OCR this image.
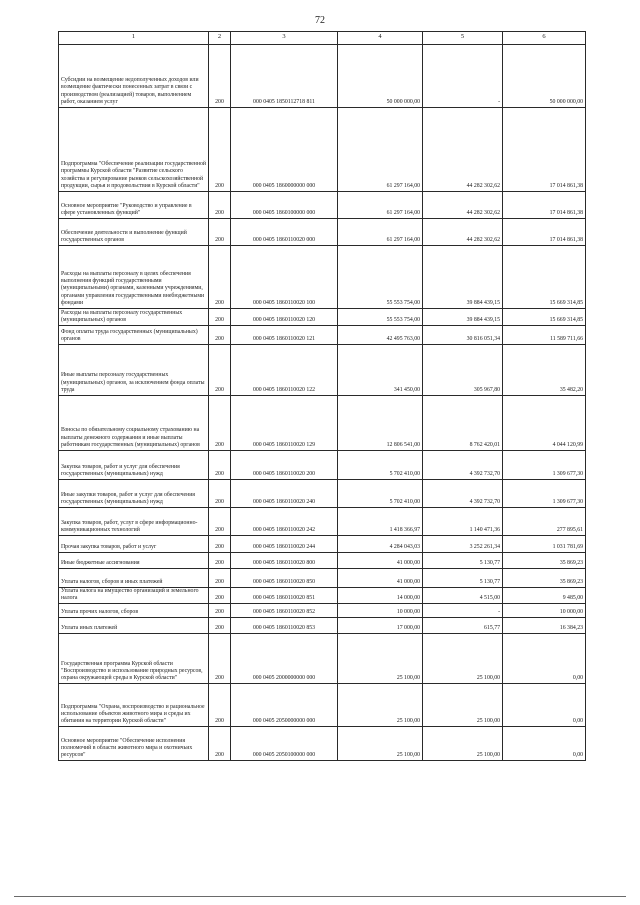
72
1	2	3	4	5	6
Субсидии на возмещение недополученных доходов или возмещение фактически понесенных затрат в связи с производством (реализацией) товаров, выполнением работ, оказанием услуг	200	000 0405 1850112718 811	50 000 000,00	-	50 000 000,00
Подпрограмма "Обеспечение реализации государственной программы Курской области "Развитие сельского хозяйства и регулирование рынков сельскохозяйственной продукции, сырья и продовольствия в Курской области"	200	000 0405 1860000000 000	61 297 164,00	44 282 302,62	17 014 861,38
Основное мероприятие "Руководство и управление в сфере установленных функций"	200	000 0405 1860100000 000	61 297 164,00	44 282 302,62	17 014 861,38
Обеспечение деятельности и выполнение функций государственных органов	200	000 0405 1860110020 000	61 297 164,00	44 282 302,62	17 014 861,38
Расходы на выплаты персоналу в целях обеспечения выполнения функций государственными (муниципальными) органами, казенными учреждениями, органами управления государственными внебюджетными фондами	200	000 0405 1860110020 100	55 553 754,00	39 884 439,15	15 669 314,85
Расходы на выплаты персоналу государственных (муниципальных) органов	200	000 0405 1860110020 120	55 553 754,00	39 884 439,15	15 669 314,85
Фонд оплаты труда государственных (муниципальных) органов	200	000 0405 1860110020 121	42 495 763,00	30 816 051,34	11 589 711,66
Иные выплаты персоналу государственных (муниципальных) органов, за исключением фонда оплаты труда	200	000 0405 1860110020 122	341 450,00	305 967,80	35 482,20
Взносы по обязательному социальному страхованию на выплаты денежного содержания и иные выплаты работникам государственных (муниципальных) органов	200	000 0405 1860110020 129	12 806 541,00	8 762 420,01	4 044 120,99
Закупка товаров, работ и услуг для обеспечения государственных (муниципальных) нужд	200	000 0405 1860110020 200	5 702 410,00	4 392 732,70	1 309 677,30
Иные закупки товаров, работ и услуг для обеспечения государственных (муниципальных) нужд	200	000 0405 1860110020 240	5 702 410,00	4 392 732,70	1 309 677,30
Закупка товаров, работ, услуг в сфере информационно-коммуникационных технологий	200	000 0405 1860110020 242	1 418 366,97	1 140 471,36	277 895,61
Прочая закупка товаров, работ и услуг	200	000 0405 1860110020 244	4 284 043,03	3 252 261,34	1 031 781,69
Иные бюджетные ассигнования	200	000 0405 1860110020 800	41 000,00	5 130,77	35 869,23
Уплата налогов, сборов и иных платежей	200	000 0405 1860110020 850	41 000,00	5 130,77	35 869,23
Уплата налога на имущество организаций и земельного налога	200	000 0405 1860110020 851	14 000,00	4 515,00	9 485,00
Уплата прочих налогов, сборов	200	000 0405 1860110020 852	10 000,00	-	10 000,00
Уплата иных платежей	200	000 0405 1860110020 853	17 000,00	615,77	16 384,23
Государственная программа Курской области "Воспроизводство и использование природных ресурсов, охрана окружающей среды в Курской области"	200	000 0405 2000000000 000	25 100,00	25 100,00	0,00
Подпрограмма "Охрана, воспроизводство и рациональное использование объектов животного мира и среды их обитания на территории Курской области"	200	000 0405 2050000000 000	25 100,00	25 100,00	0,00
Основное мероприятие "Обеспечение исполнения полномочий в области животного мира и охотничьих ресурсов"	200	000 0405 2050100000 000	25 100,00	25 100,00	0,00
